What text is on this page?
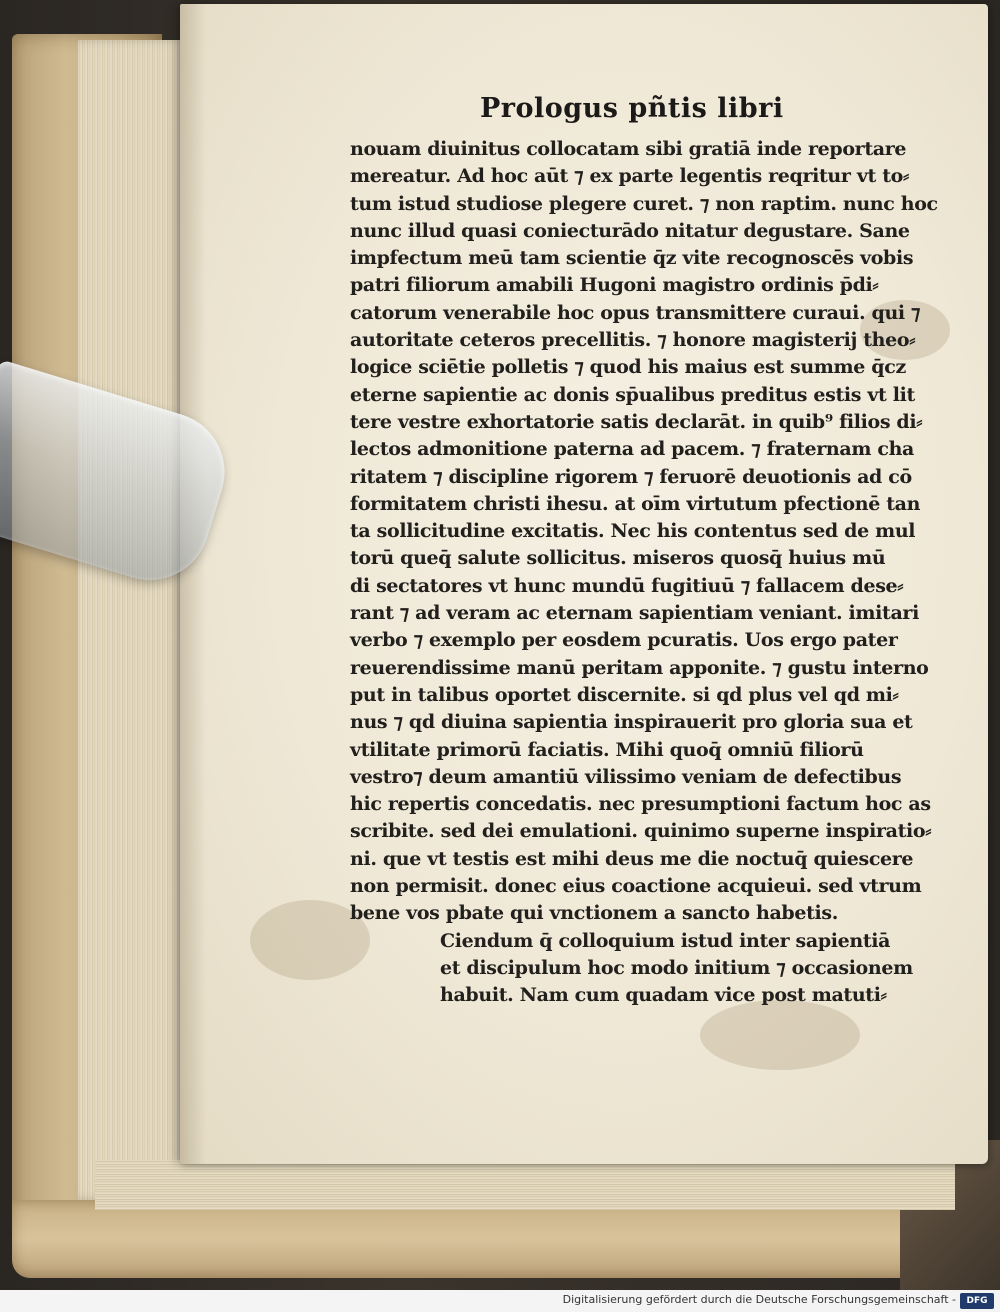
Prologus pñtis libri
nouam diuinitus collocatam sibi gratiā inde reportare
mereatur. Ad hoc aūt ⁊ ex parte legentis reqritur vt to⸗
tum istud studiose plegere curet. ⁊ non raptim. nunc hoc
nunc illud quasi coniecturādo nitatur degustare. Sane
impfectum meū tam scientie q̄z vite recognoscēs vobis
patri filiorum amabili Hugoni magistro ordinis p̄di⸗
catorum venerabile hoc opus transmittere curaui. qui ⁊
autoritate ceteros precellitis. ⁊ honore magisterij theo⸗
logice sciētie polletis ⁊ quod his maius est summe q̄cz
eterne sapientie ac donis sp̄ualibus preditus estis vt lit
tere vestre exhortatorie satis declarāt. in quib⁹ filios di⸗
lectos admonitione paterna ad pacem. ⁊ fraternam cha
ritatem ⁊ discipline rigorem ⁊ feruorē deuotionis ad cō
formitatem christi ihesu. at oīm virtutum pfectionē tan
ta sollicitudine excitatis. Nec his contentus sed de mul
torū queq̄ salute sollicitus. miseros quosq̄ huius mū
di sectatores vt hunc mundū fugitiuū ⁊ fallacem dese⸗
rant ⁊ ad veram ac eternam sapientiam veniant. imitari
verbo ⁊ exemplo per eosdem pcuratis. Uos ergo pater
reuerendissime manū peritam apponite. ⁊ gustu interno
put in talibus oportet discernite. si qd plus vel qd mi⸗
nus ⁊ qd diuina sapientia inspirauerit pro gloria sua et
vtilitate primorū faciatis. Mihi quoq̄ omniū filiorū
vestro⁊ deum amantiū vilissimo veniam de defectibus
hic repertis concedatis. nec presumptioni factum hoc as
scribite. sed dei emulationi. quinimo superne inspiratio⸗
ni. que vt testis est mihi deus me die noctuq̄ quiescere
non permisit. donec eius coactione acquieui. sed vtrum
bene vos pbate qui vnctionem a sancto habetis.
Ciendum q̄ colloquium istud inter sapientiā
et discipulum hoc modo initium ⁊ occasionem
habuit. Nam cum quadam vice post matuti⸗
Digitalisierung gefördert durch die Deutsche Forschungsgemeinschaft -	DFG
